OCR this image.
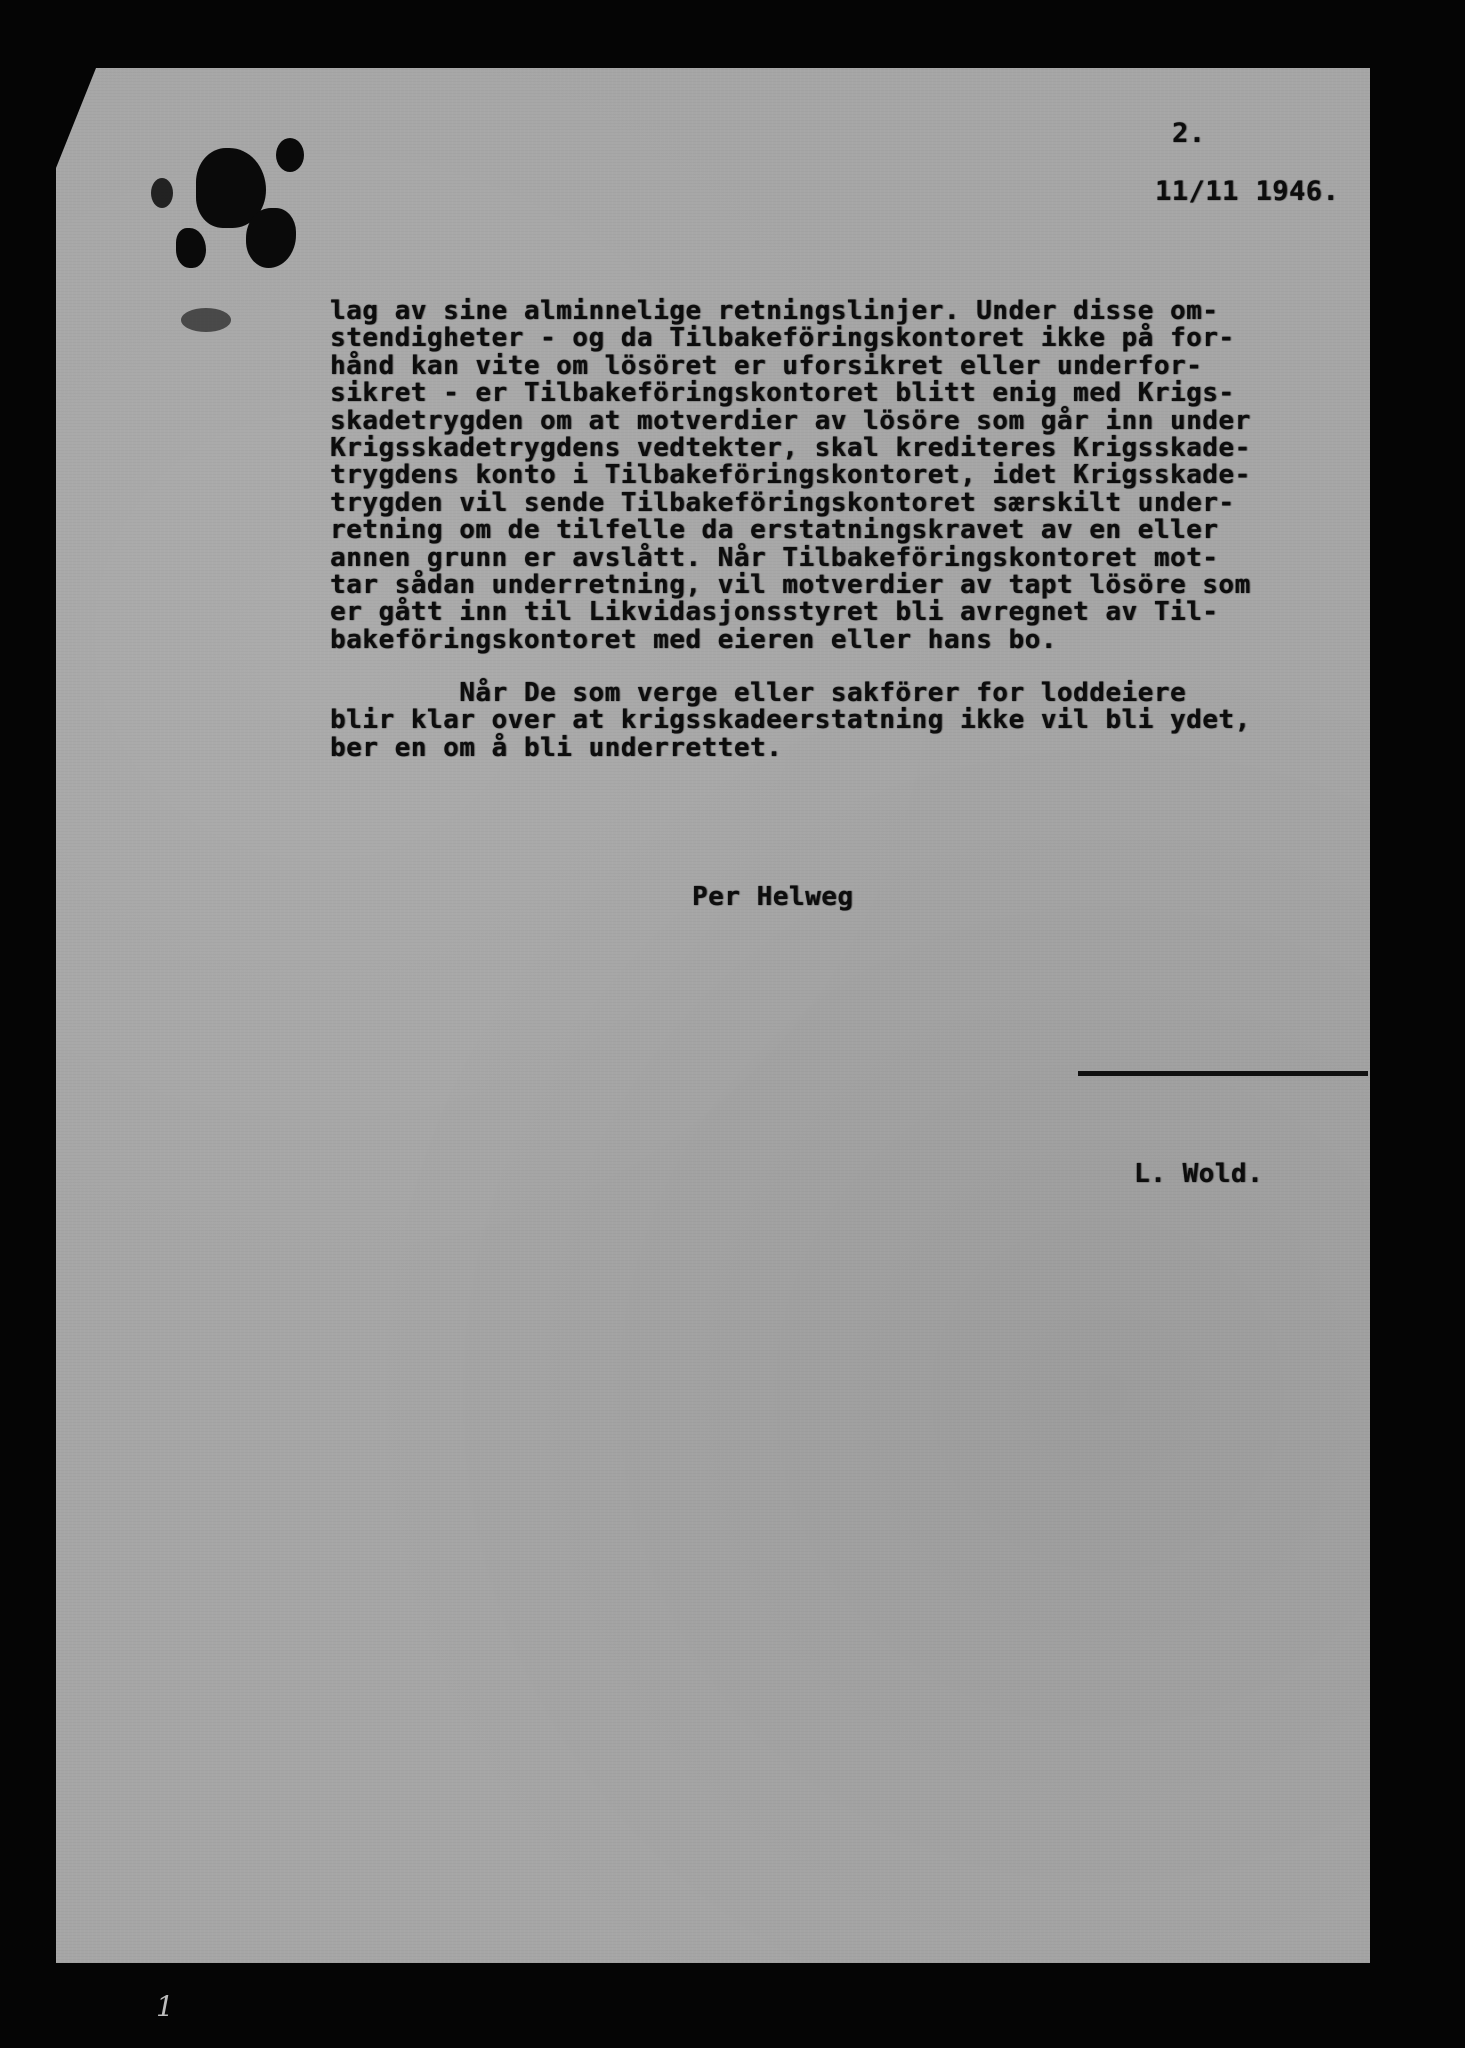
2.
11/11 1946.
lag av sine alminnelige retningslinjer. Under disse om-
stendigheter - og da Tilbakeföringskontoret ikke på for-
hånd kan vite om lösöret er uforsikret eller underfor-
sikret - er Tilbakeföringskontoret blitt enig med Krigs-
skadetrygden om at motverdier av lösöre som går inn under
Krigsskadetrygdens vedtekter, skal krediteres Krigsskade-
trygdens konto i Tilbakeföringskontoret, idet Krigsskade-
trygden vil sende Tilbakeföringskontoret særskilt under-
retning om de tilfelle da erstatningskravet av en eller
annen grunn er avslått. Når Tilbakeföringskontoret mot-
tar sådan underretning, vil motverdier av tapt lösöre som
er gått inn til Likvidasjonsstyret bli avregnet av Til-
bakeföringskontoret med eieren eller hans bo.
Når De som verge eller sakförer for loddeiere
blir klar over at krigsskadeerstatning ikke vil bli ydet,
ber en om å bli underrettet.
Per Helweg
L. Wold.
1
